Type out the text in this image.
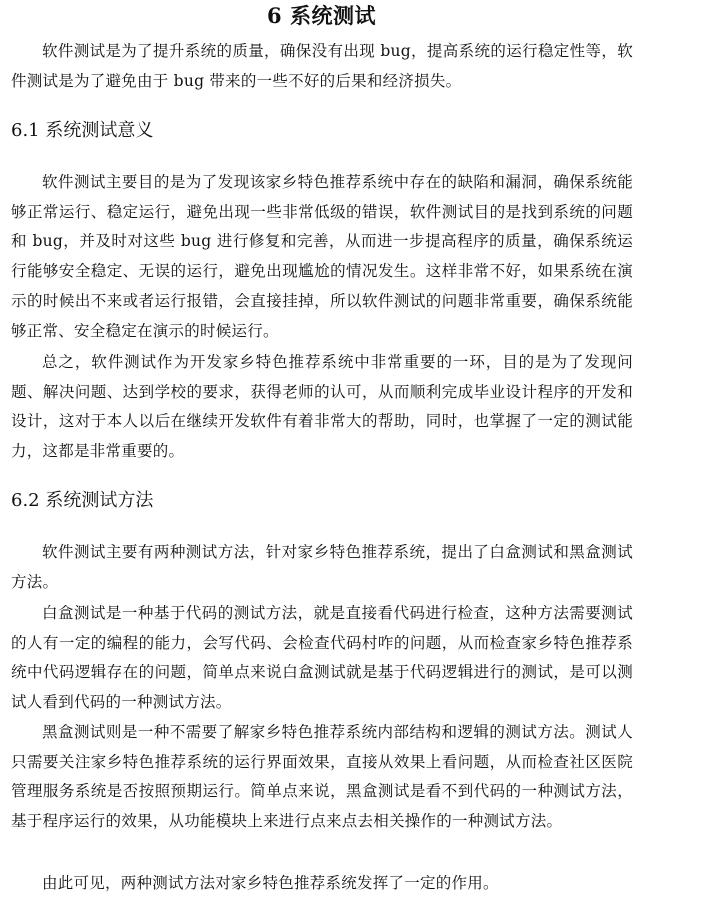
6 系统测试

软件测试是为了提升系统的质量，确保没有出现 bug，提高系统的运行稳定性等，软件测试是为了避免由于 bug 带来的一些不好的后果和经济损失。

6.1 系统测试意义

软件测试主要目的是为了发现该家乡特色推荐系统中存在的缺陷和漏洞，确保系统能够正常运行、稳定运行，避免出现一些非常低级的错误，软件测试目的是找到系统的问题和 bug，并及时对这些 bug 进行修复和完善，从而进一步提高程序的质量，确保系统运行能够安全稳定、无误的运行，避免出现尴尬的情况发生。这样非常不好，如果系统在演示的时候出不来或者运行报错，会直接挂掉，所以软件测试的问题非常重要，确保系统能够正常、安全稳定在演示的时候运行。

总之，软件测试作为开发家乡特色推荐系统中非常重要的一环，目的是为了发现问题、解决问题、达到学校的要求，获得老师的认可，从而顺利完成毕业设计程序的开发和设计，这对于本人以后在继续开发软件有着非常大的帮助，同时，也掌握了一定的测试能力，这都是非常重要的。

6.2 系统测试方法

软件测试主要有两种测试方法，针对家乡特色推荐系统，提出了白盒测试和黑盒测试方法。

白盒测试是一种基于代码的测试方法，就是直接看代码进行检查，这种方法需要测试的人有一定的编程的能力，会写代码、会检查代码村咋的问题，从而检查家乡特色推荐系统中代码逻辑存在的问题，简单点来说白盒测试就是基于代码逻辑进行的测试，是可以测试人看到代码的一种测试方法。

黑盒测试则是一种不需要了解家乡特色推荐系统内部结构和逻辑的测试方法。测试人只需要关注家乡特色推荐系统的运行界面效果，直接从效果上看问题，从而检查社区医院管理服务系统是否按照预期运行。简单点来说，黑盒测试是看不到代码的一种测试方法，基于程序运行的效果，从功能模块上来进行点来点去相关操作的一种测试方法。

由此可见，两种测试方法对家乡特色推荐系统发挥了一定的作用。
